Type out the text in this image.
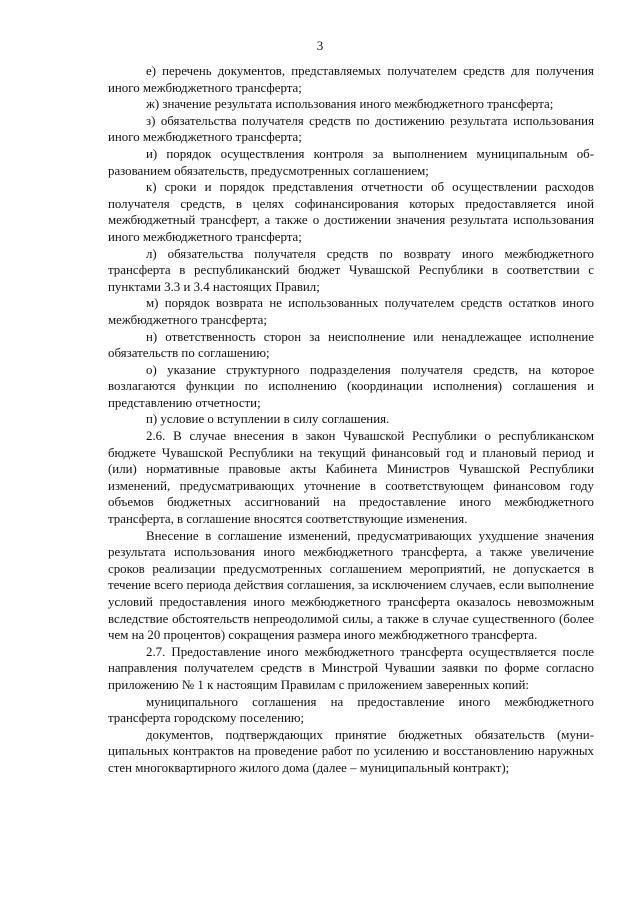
3

е) перечень документов, представляемых получателем средств для получения иного межбюджетного трансферта;

ж) значение результата использования иного межбюджетного трансферта;

з) обязательства получателя средств по достижению результата использования иного межбюджетного трансферта;

и) порядок осуществления контроля за выполнением муниципальным образованием обязательств, предусмотренных соглашением;

к) сроки и порядок представления отчетности об осуществлении расходов получателя средств, в целях софинансирования которых предоставляется иной межбюджетный трансферт, а также о достижении значения результата использования иного межбюджетного трансферта;

л) обязательства получателя средств по возврату иного межбюджетного трансферта в республиканский бюджет Чувашской Республики в соответствии с пунктами 3.3 и 3.4 настоящих Правил;

м) порядок возврата не использованных получателем средств остатков иного межбюджетного трансферта;

н) ответственность сторон за неисполнение или ненадлежащее исполнение обязательств по соглашению;

о) указание структурного подразделения получателя средств, на которое возлагаются функции по исполнению (координации исполнения) соглашения и представлению отчетности;

п) условие о вступлении в силу соглашения.

2.6. В случае внесения в закон Чувашской Республики о республиканском бюджете Чувашской Республики на текущий финансовый год и плановый период и (или) нормативные правовые акты Кабинета Министров Чувашской Республики изменений, предусматривающих уточнение в соответствующем финансовом году объемов бюджетных ассигнований на предоставление иного межбюджетного трансферта, в соглашение вносятся соответствующие изменения.

Внесение в соглашение изменений, предусматривающих ухудшение значения результата использования иного межбюджетного трансферта, а также увеличение сроков реализации предусмотренных соглашением мероприятий, не допускается в течение всего периода действия соглашения, за исключением случаев, если выполнение условий предоставления иного межбюджетного трансферта оказалось невозможным вследствие обстоятельств непреодолимой силы, а также в случае существенного (более чем на 20 процентов) сокращения размера иного межбюджетного трансферта.

2.7. Предоставление иного межбюджетного трансферта осуществляется после направления получателем средств в Минстрой Чувашии заявки по форме согласно приложению № 1 к настоящим Правилам с приложением заверенных копий:

муниципального соглашения на предоставление иного межбюджетного трансферта городскому поселению;

документов, подтверждающих принятие бюджетных обязательств (муниципальных контрактов на проведение работ по усилению и восстановлению наружных стен многоквартирного жилого дома (далее – муниципальный контракт);
